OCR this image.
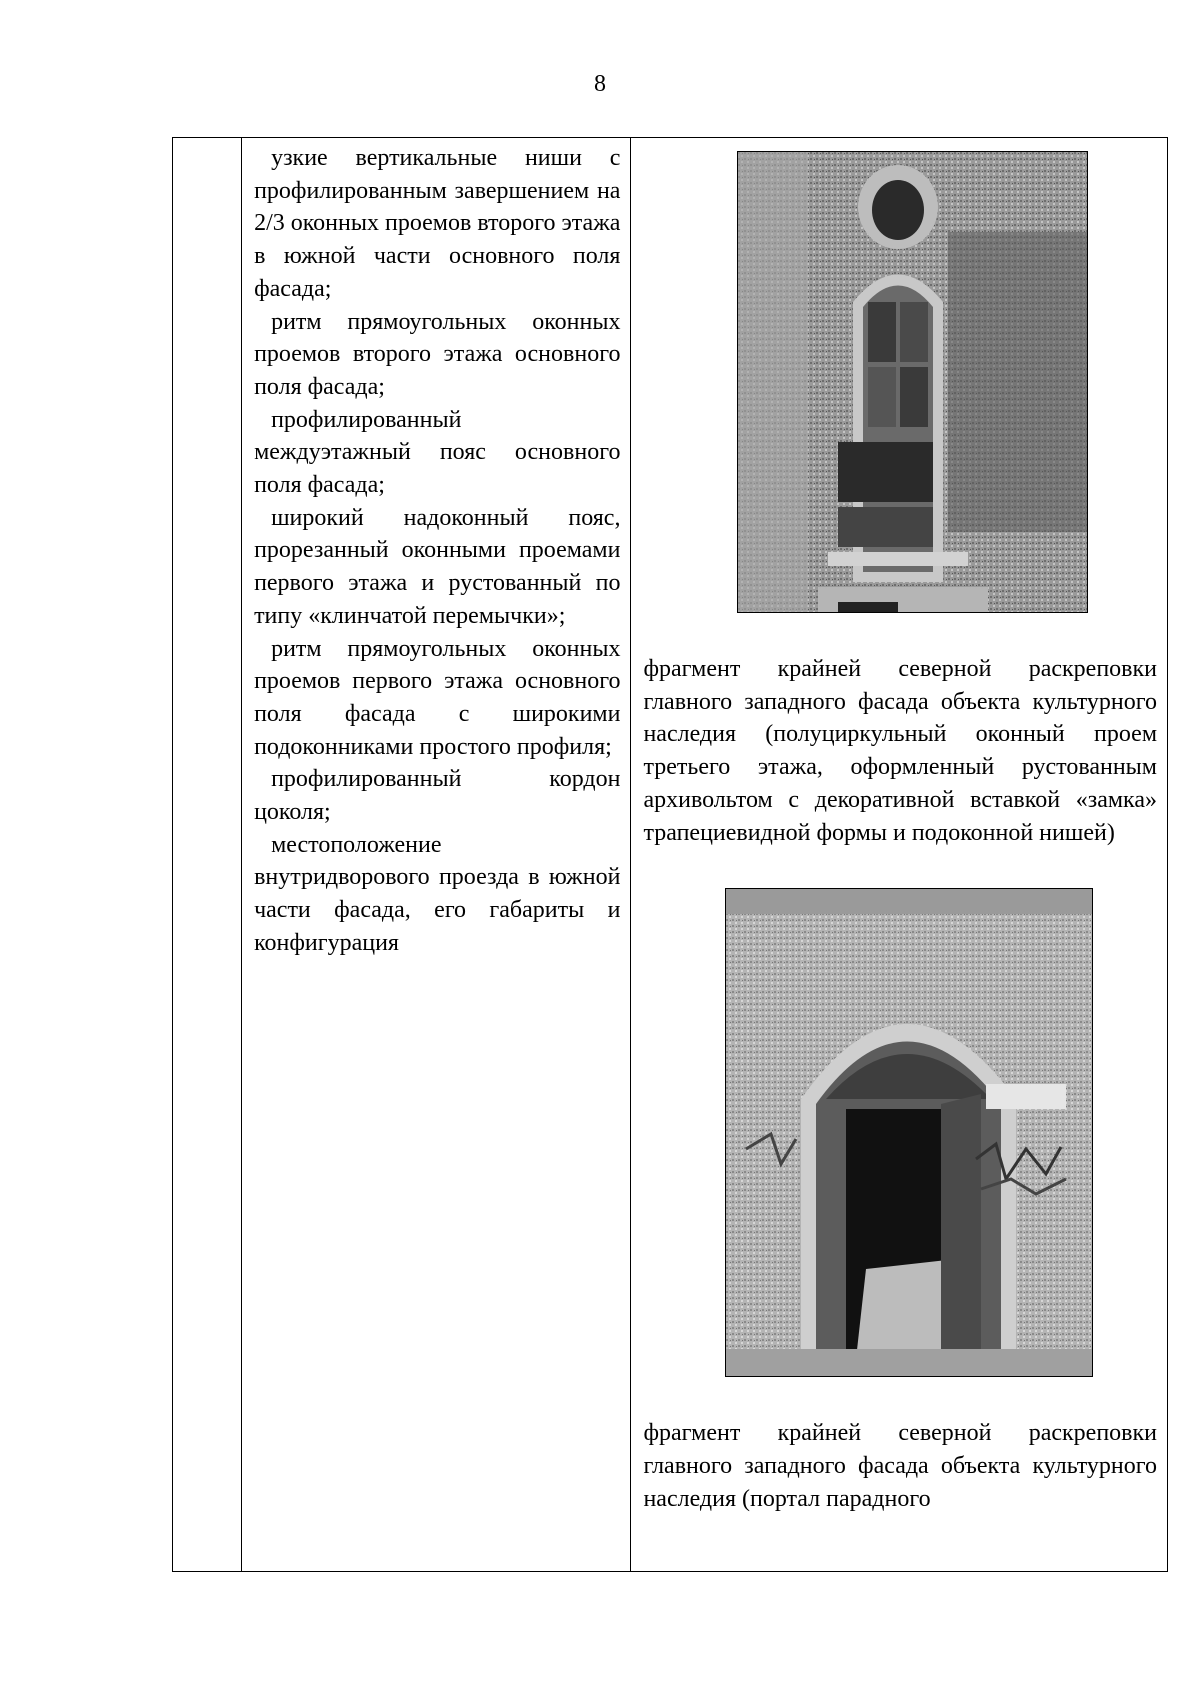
8

узкие вертикальные ниши с профилированным завершением на 2/3 оконных проемов второго этажа в южной части основного поля фасада;

ритм прямоугольных оконных проемов второго этажа основного поля фасада;

профилированный междуэтажный пояс основного поля фасада;

широкий надоконный пояс, прорезанный оконными проемами первого этажа и рустованный по типу «клинчатой перемычки»;

ритм прямоугольных оконных проемов первого этажа основного поля фасада с широкими подоконниками простого профиля;

профилированный кордон цоколя;

местоположение внутридворового проезда в южной части фасада, его габариты и конфигурация

фрагмент крайней северной раскреповки главного западного фасада объекта культурного наследия (полуциркульный оконный проем третьего этажа, оформленный рустованным архивольтом с декоративной вставкой «замка» трапециевидной формы и подоконной нишей)

фрагмент крайней северной раскреповки главного западного фасада объекта культурного наследия (портал парадного
